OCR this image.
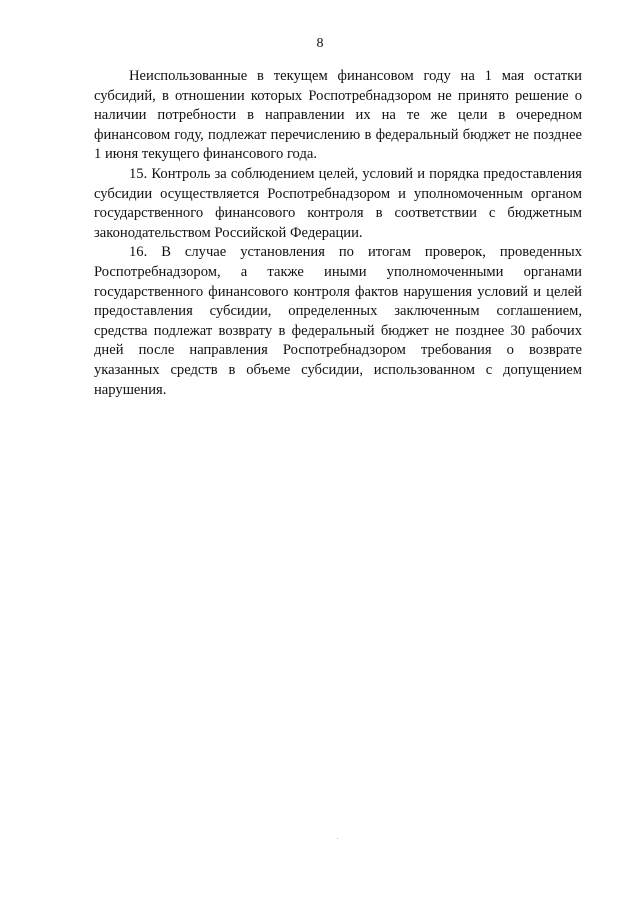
8

Неиспользованные в текущем финансовом году на 1 мая остатки субсидий, в отношении которых Роспотребнадзором не принято решение о наличии потребности в направлении их на те же цели в очередном финансовом году, подлежат перечислению в федеральный бюджет не позднее 1 июня текущего финансового года.

15. Контроль за соблюдением целей, условий и порядка предоставления субсидии осуществляется Роспотребнадзором и уполномоченным органом государственного финансового контроля в соответствии с бюджетным законодательством Российской Федерации.

16. В случае установления по итогам проверок, проведенных Роспотребнадзором, а также иными уполномоченными органами государственного финансового контроля фактов нарушения условий и целей предоставления субсидии, определенных заключенным соглашением, средства подлежат возврату в федеральный бюджет не позднее 30 рабочих дней после направления Роспотребнадзором требования о возврате указанных средств в объеме субсидии, использованном с допущением нарушения.
